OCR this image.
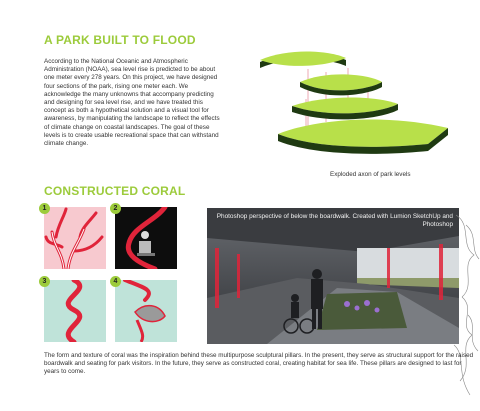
A PARK BUILT TO FLOOD
According to the National Oceanic and Atmospheric Administration (NOAA), sea level rise is predicted to be about one meter every 278 years. On this project, we have designed four sections of the park, rising one meter each. We acknowledge the many unknowns that accompany predicting and designing for sea level rise, and we have treated this concept as both a hypothetical solution and a visual tool for awareness, by manipulating the landscape to reflect the effects of climate change on coastal landscapes. The goal of these levels is to create usable recreational space that can withstand climate change.
Exploded axon of park levels
CONSTRUCTED CORAL
1	2
3	4
Photoshop perspective of below the boardwalk. Created with Lumion SketchUp and Photoshop
The form and texture of coral was the inspiration behind these multipurpose sculptural pillars. In the present, they serve as structural support for the raised boardwalk and seating for park visitors. In the future, they serve as constructed coral, creating habitat for sea life. These pillars are designed to last for years to come.
